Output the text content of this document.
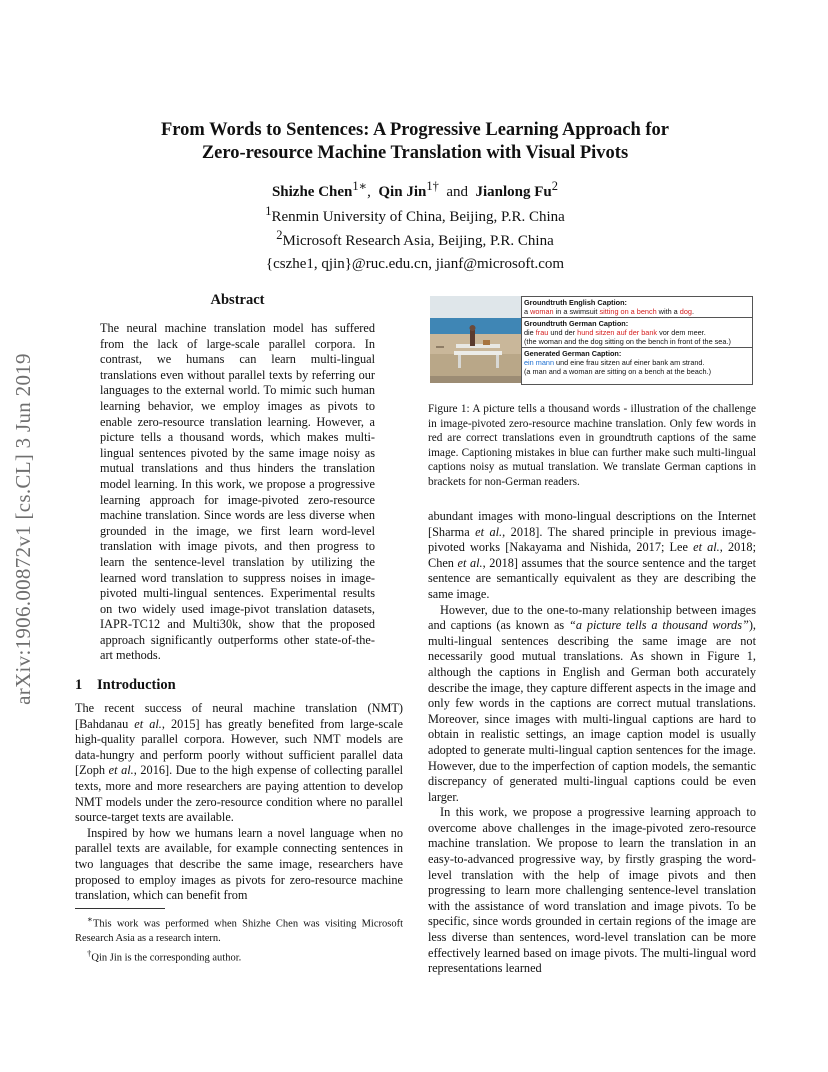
arXiv:1906.00872v1 [cs.CL] 3 Jun 2019
From Words to Sentences: A Progressive Learning Approach for
Zero-resource Machine Translation with Visual Pivots
Shizhe Chen$^{1∗}$,  Qin Jin$^{1\dagger}$ and Jianlong Fu$^2$
$^1$Renmin University of China, Beijing, P.R. China
$^2$Microsoft Research Asia, Beijing, P.R. China
{cszhe1, qjin}@ruc.edu.cn, jianf@microsoft.com
Abstract
The neural machine translation model has suffered from the lack of large-scale parallel corpora. In contrast, we humans can learn multi-lingual translations even without parallel texts by referring our languages to the external world. To mimic such human learning behavior, we employ images as pivots to enable zero-resource translation learning. However, a picture tells a thousand words, which makes multi-lingual sentences pivoted by the same image noisy as mutual translations and thus hinders the translation model learning. In this work, we propose a progressive learning approach for image-pivoted zero-resource machine translation. Since words are less diverse when grounded in the image, we first learn word-level translation with image pivots, and then progress to learn the sentence-level translation by utilizing the learned word translation to suppress noises in image-pivoted multi-lingual sentences. Experimental results on two widely used image-pivot translation datasets, IAPR-TC12 and Multi30k, show that the proposed approach significantly outperforms other state-of-the-art methods.
1 Introduction

The recent success of neural machine translation (NMT) [Bahdanau et al., 2015] has greatly benefited from large-scale high-quality parallel corpora. However, such NMT models are data-hungry and perform poorly without sufficient parallel data [Zoph et al., 2016]. Due to the high expense of collecting parallel texts, more and more researchers are paying attention to develop NMT models under the zero-resource condition where no parallel source-target texts are available.

Inspired by how we humans learn a novel language when no parallel texts are available, for example connecting sentences in two languages that describe the same image, researchers have proposed to employ images as pivots for zero-resource machine translation, which can benefit from

∗This work was performed when Shizhe Chen was visiting Microsoft Research Asia as a research intern.

†Qin Jin is the corresponding author.

Groundtruth English Caption:
a woman in a swimsuit sitting on a bench with a dog.
Groundtruth German Caption:
die frau und der hund sitzen auf der bank vor dem meer.
(the woman and the dog sitting on the bench in front of the sea.)
Generated German Caption:
ein mann und eine frau sitzen auf einer bank am strand.
(a man and a woman are sitting on a bench at the beach.)
Figure 1: A picture tells a thousand words - illustration of the challenge in image-pivoted zero-resource machine translation. Only few words in red are correct translations even in groundtruth captions of the same image. Captioning mistakes in blue can further make such multi-lingual captions noisy as mutual translation. We translate German captions in brackets for non-German readers.

abundant images with mono-lingual descriptions on the Internet [Sharma et al., 2018]. The shared principle in previous image-pivoted works [Nakayama and Nishida, 2017; Lee et al., 2018; Chen et al., 2018] assumes that the source sentence and the target sentence are semantically equivalent as they are describing the same image.

However, due to the one-to-many relationship between images and captions (as known as “a picture tells a thousand words”), multi-lingual sentences describing the same image are not necessarily good mutual translations. As shown in Figure 1, although the captions in English and German both accurately describe the image, they capture different aspects in the image and only few words in the captions are correct mutual translations. Moreover, since images with multi-lingual captions are hard to obtain in realistic settings, an image caption model is usually adopted to generate multi-lingual caption sentences for the image. However, due to the imperfection of caption models, the semantic discrepancy of generated multi-lingual captions could be even larger.

In this work, we propose a progressive learning approach to overcome above challenges in the image-pivoted zero-resource machine translation. We propose to learn the translation in an easy-to-advanced progressive way, by firstly grasping the word-level translation with the help of image pivots and then progressing to learn more challenging sentence-level translation with the assistance of word translation and image pivots. To be specific, since words grounded in certain regions of the image are less diverse than sentences, word-level translation can be more effectively learned based on image pivots. The multi-lingual word representations learned
